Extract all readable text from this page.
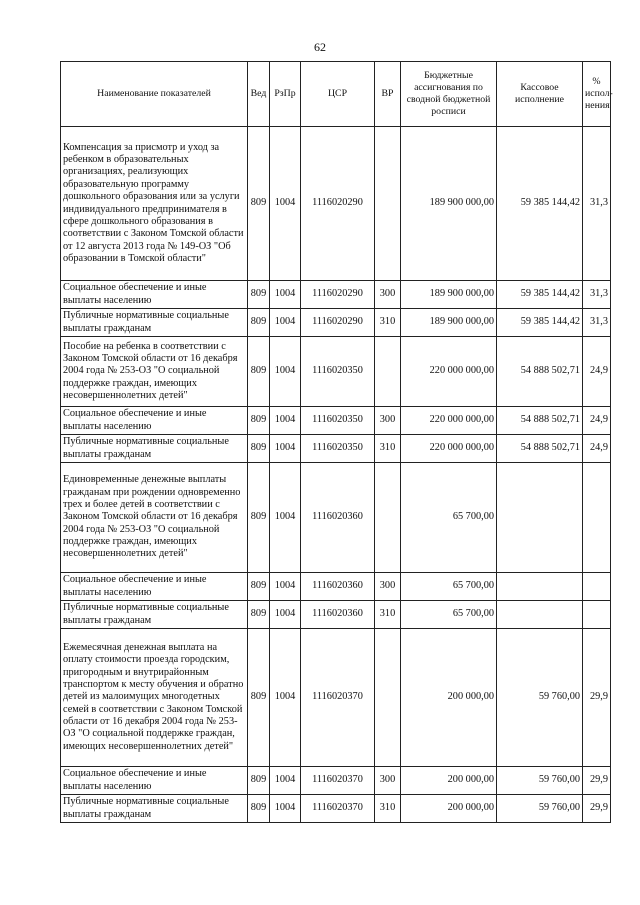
62
Наименование показателей	Вед	РзПр	ЦСР	ВР	Бюджетные ассигнования по сводной бюджетной росписи	Кассовое исполнение	% испол-нения
Компенсация за присмотр и уход за ребенком в образовательных организациях, реализующих образовательную программу дошкольного образования или за услуги индивидуального предпринимателя в сфере дошкольного образования в соответствии с Законом Томской области от 12 августа 2013 года № 149-ОЗ "Об образовании в Томской области"	809	1004	1116020290		189 900 000,00	59 385 144,42	31,3
Социальное обеспечение и иные выплаты населению	809	1004	1116020290	300	189 900 000,00	59 385 144,42	31,3
Публичные нормативные социальные выплаты гражданам	809	1004	1116020290	310	189 900 000,00	59 385 144,42	31,3
Пособие на ребенка в соответствии с Законом Томской области от 16 декабря 2004 года № 253-ОЗ "О социальной поддержке граждан, имеющих несовершеннолетних детей"	809	1004	1116020350		220 000 000,00	54 888 502,71	24,9
Социальное обеспечение и иные выплаты населению	809	1004	1116020350	300	220 000 000,00	54 888 502,71	24,9
Публичные нормативные социальные выплаты гражданам	809	1004	1116020350	310	220 000 000,00	54 888 502,71	24,9
Единовременные денежные выплаты гражданам при рождении одновременно трех и более детей в соответствии с Законом Томской области от 16 декабря 2004 года № 253-ОЗ "О социальной поддержке граждан, имеющих несовершеннолетних детей"	809	1004	1116020360		65 700,00		
Социальное обеспечение и иные выплаты населению	809	1004	1116020360	300	65 700,00		
Публичные нормативные социальные выплаты гражданам	809	1004	1116020360	310	65 700,00		
Ежемесячная денежная выплата на оплату стоимости проезда городским, пригородным и внутрирайонным транспортом к месту обучения и обратно детей из малоимущих многодетных семей в соответствии с Законом Томской области от 16 декабря 2004 года № 253-ОЗ "О социальной поддержке граждан, имеющих несовершеннолетних детей"	809	1004	1116020370		200 000,00	59 760,00	29,9
Социальное обеспечение и иные выплаты населению	809	1004	1116020370	300	200 000,00	59 760,00	29,9
Публичные нормативные социальные выплаты гражданам	809	1004	1116020370	310	200 000,00	59 760,00	29,9
